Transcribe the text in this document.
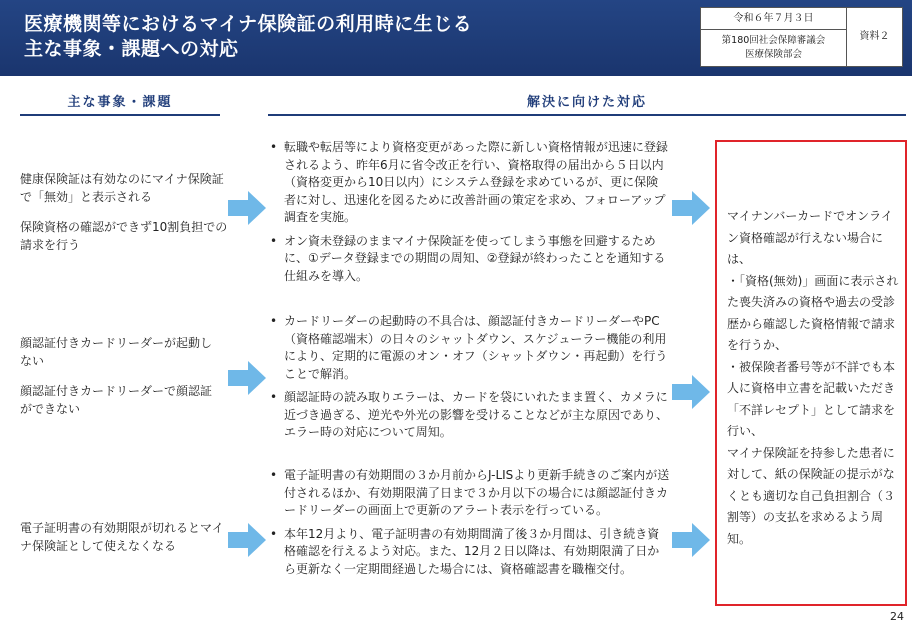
医療機関等におけるマイナ保険証の利用時に生じる
主な事象・課題への対応
令和６年７月３日
第180回社会保障審議会
医療保険部会
資料２
主な事象・課題	解決に向けた対応

健康保険証は有効なのにマイナ保険証で「無効」と表示される

保険資格の確認ができず10割負担での請求を行う

• 転職や転居等により資格変更があった際に新しい資格情報が迅速に登録されるよう、昨年6月に省令改正を行い、資格取得の届出から５日以内（資格変更から10日以内）にシステム登録を求めているが、更に保険者に対し、迅速化を図るために改善計画の策定を求め、フォローアップ調査を実施。
• オン資未登録のままマイナ保険証を使ってしまう事態を回避するために、①データ登録までの期間の周知、②登録が終わったことを通知する仕組みを導入。

顔認証付きカードリーダーが起動しない

顔認証付きカードリーダーで顔認証ができない

• カードリーダーの起動時の不具合は、顔認証付きカードリーダーやPC（資格確認端末）の日々のシャットダウン、スケジューラー機能の利用により、定期的に電源のオン・オフ（シャットダウン・再起動）を行うことで解消。
• 顔認証時の読み取りエラーは、カードを袋にいれたまま置く、カメラに近づき過ぎる、逆光や外光の影響を受けることなどが主な原因であり、エラー時の対応について周知。

電子証明書の有効期限が切れるとマイナ保険証として使えなくなる

• 電子証明書の有効期間の３か月前からJ-LISより更新手続きのご案内が送付されるほか、有効期限満了日まで３か月以下の場合には顔認証付きカードリーダーの画面上で更新のアラート表示を行っている。
• 本年12月より、電子証明書の有効期間満了後３か月間は、引き続き資格確認を行えるよう対応。また、12月２日以降は、有効期限満了日から更新なく一定期間経過した場合には、資格確認書を職権交付。
マイナンバーカードでオンライン資格確認が行えない場合には、
・「資格(無効)」画面に表示された喪失済みの資格や過去の受診歴から確認した資格情報で請求を行うか、
・被保険者番号等が不詳でも本人に資格申立書を記載いただき「不詳レセプト」として請求を行い、
マイナ保険証を持参した患者に対して、紙の保険証の提示がなくとも適切な自己負担割合（３割等）の支払を求めるよう周知。
24
